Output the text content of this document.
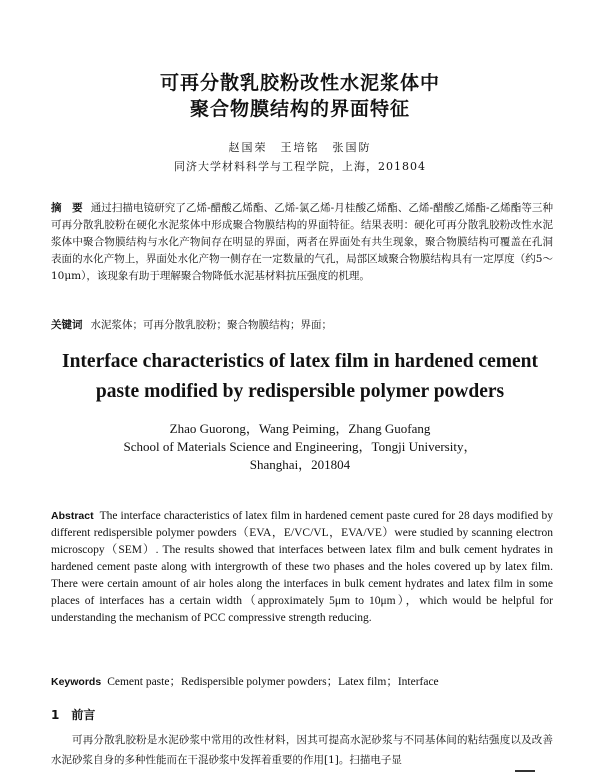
可再分散乳胶粉改性水泥浆体中
聚合物膜结构的界面特征
赵国荣　王培铭　张国防
同济大学材料科学与工程学院，上海，201804
摘　要 通过扫描电镜研究了乙烯-醋酸乙烯酯、乙烯-氯乙烯-月桂酸乙烯酯、乙烯-醋酸乙烯酯-乙烯酯等三种可再分散乳胶粉在硬化水泥浆体中形成聚合物膜结构的界面特征。结果表明：硬化可再分散乳胶粉改性水泥浆体中聚合物膜结构与水化产物间存在明显的界面，两者在界面处有共生现象，聚合物膜结构可覆盖在孔洞表面的水化产物上，界面处水化产物一侧存在一定数量的气孔，局部区域聚合物膜结构具有一定厚度（约5～10μm），该现象有助于理解聚合物降低水泥基材料抗压强度的机理。
关键词 水泥浆体；可再分散乳胶粉；聚合物膜结构；界面；
Interface characteristics of latex film in hardened cement
paste modified by redispersible polymer powders
Zhao Guorong，Wang Peiming，Zhang Guofang
School of Materials Science and Engineering，Tongji University，
Shanghai，201804
Abstract The interface characteristics of latex film in hardened cement paste cured for 28 days modified by different redispersible polymer powders（EVA，E/VC/VL，EVA/VE）were studied by scanning electron microscopy（SEM）. The results showed that interfaces between latex film and bulk cement hydrates in hardened cement paste along with intergrowth of these two phases and the holes covered up by latex film. There were certain amount of air holes along the interfaces in bulk cement hydrates and latex film in some places of interfaces has a certain width（approximately 5μm to 10μm），which would be helpful for understanding the mechanism of PCC compressive strength reducing.
Keywords Cement paste；Redispersible polymer powders；Latex film；Interface
1 前言
可再分散乳胶粉是水泥砂浆中常用的改性材料，因其可提高水泥砂浆与不同基体间的粘结强度以及改善水泥砂浆自身的多种性能而在干混砂浆中发挥着重要的作用[1]。扫描电子显
